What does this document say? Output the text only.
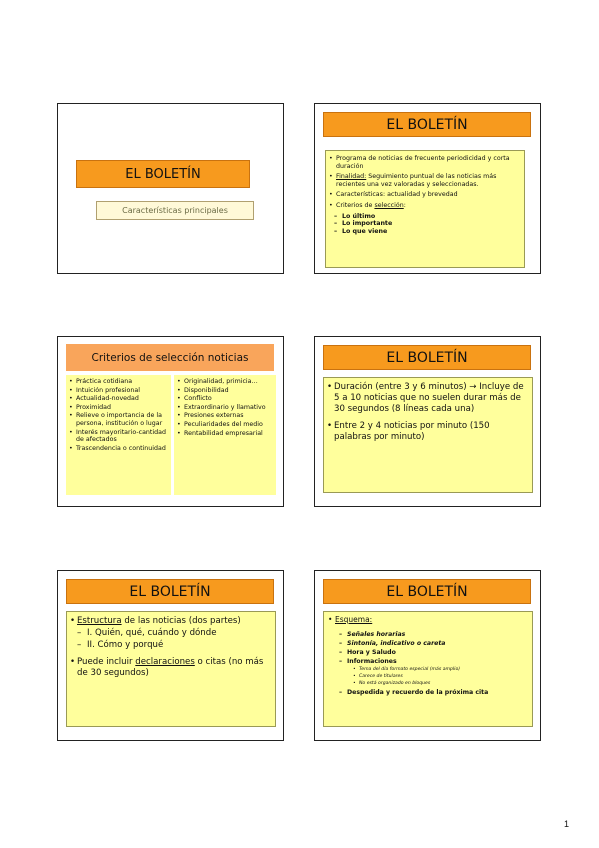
EL BOLETÍN
Características principales
EL BOLETÍN
• Programa de noticias de frecuente periodicidad y corta duración
• Finalidad: Seguimiento puntual de las noticias más recientes una vez valoradas y seleccionadas.
• Características: actualidad y brevedad
• Criterios de selección:
– Lo último
– Lo importante
– Lo que viene
Criterios de selección noticias
• Práctica cotidiana
• Intuición profesional
• Actualidad-novedad
• Proximidad
• Relieve o importancia de la persona, institución o lugar
• Interés mayoritario-cantidad de afectados
• Trascendencia o continuidad
• Originalidad, primicia…
• Disponibilidad
• Conflicto
• Extraordinario y llamativo
• Presiones externas
• Peculiaridades del medio
• Rentabilidad empresarial
EL BOLETÍN
• Duración (entre 3 y 6 minutos) → Incluye de 5 a 10 noticias que no suelen durar más de 30 segundos (8 líneas cada una)
• Entre 2 y 4 noticias por minuto (150 palabras por minuto)
EL BOLETÍN
• Estructura de las noticias (dos partes)
– I. Quién, qué, cuándo y dónde
– II. Cómo y porqué
• Puede incluir declaraciones o citas (no más de 30 segundos)
EL BOLETÍN
• Esquema:
– Señales horarias
– Sintonía, indicativo o careta
– Hora y Saludo
– Informaciones
• Tema del día formato especial (más amplio)
• Carece de titulares
• No está organizado en bloques
– Despedida y recuerdo de la próxima cita
1
